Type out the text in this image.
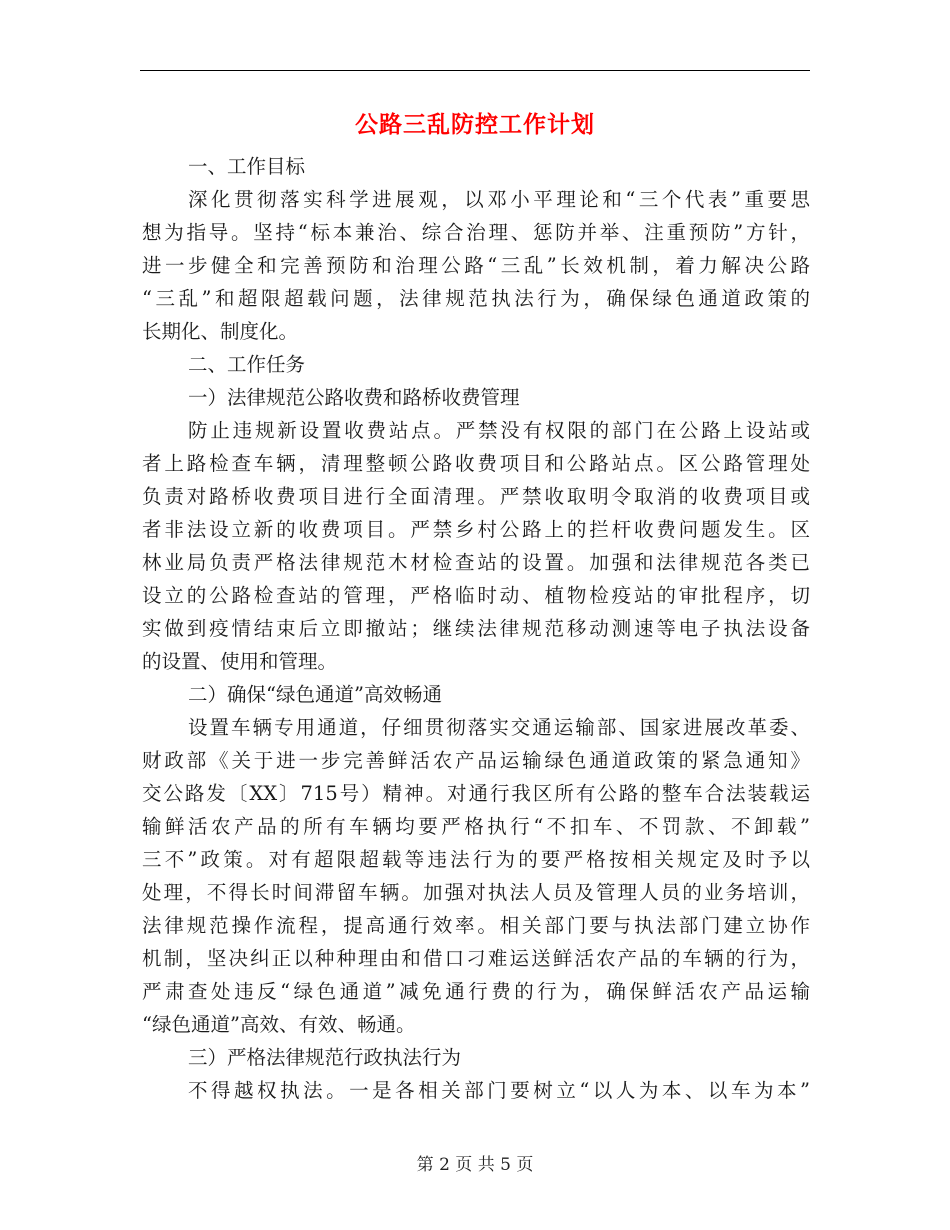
公路三乱防控工作计划
一、工作目标
深化贯彻落实科学进展观，以邓小平理论和“三个代表”重要思
想为指导。坚持“标本兼治、综合治理、惩防并举、注重预防”方针，
进一步健全和完善预防和治理公路“三乱”长效机制，着力解决公路
“三乱”和超限超载问题，法律规范执法行为，确保绿色通道政策的
长期化、制度化。
二、工作任务
一）法律规范公路收费和路桥收费管理
防止违规新设置收费站点。严禁没有权限的部门在公路上设站或
者上路检查车辆，清理整顿公路收费项目和公路站点。区公路管理处
负责对路桥收费项目进行全面清理。严禁收取明令取消的收费项目或
者非法设立新的收费项目。严禁乡村公路上的拦杆收费问题发生。区
林业局负责严格法律规范木材检查站的设置。加强和法律规范各类已
设立的公路检查站的管理，严格临时动、植物检疫站的审批程序，切
实做到疫情结束后立即撤站；继续法律规范移动测速等电子执法设备
的设置、使用和管理。
二）确保“绿色通道”高效畅通
设置车辆专用通道，仔细贯彻落实交通运输部、国家进展改革委、
财政部《关于进一步完善鲜活农产品运输绿色通道政策的紧急通知》
交公路发〔XX〕715号）精神。对通行我区所有公路的整车合法装载运
输鲜活农产品的所有车辆均要严格执行“不扣车、不罚款、不卸载”
三不”政策。对有超限超载等违法行为的要严格按相关规定及时予以
处理，不得长时间滞留车辆。加强对执法人员及管理人员的业务培训，
法律规范操作流程，提高通行效率。相关部门要与执法部门建立协作
机制，坚决纠正以种种理由和借口刁难运送鲜活农产品的车辆的行为，
严肃查处违反“绿色通道”减免通行费的行为，确保鲜活农产品运输
“绿色通道”高效、有效、畅通。
三）严格法律规范行政执法行为
不得越权执法。一是各相关部门要树立“以人为本、以车为本”
第 2 页 共 5 页
